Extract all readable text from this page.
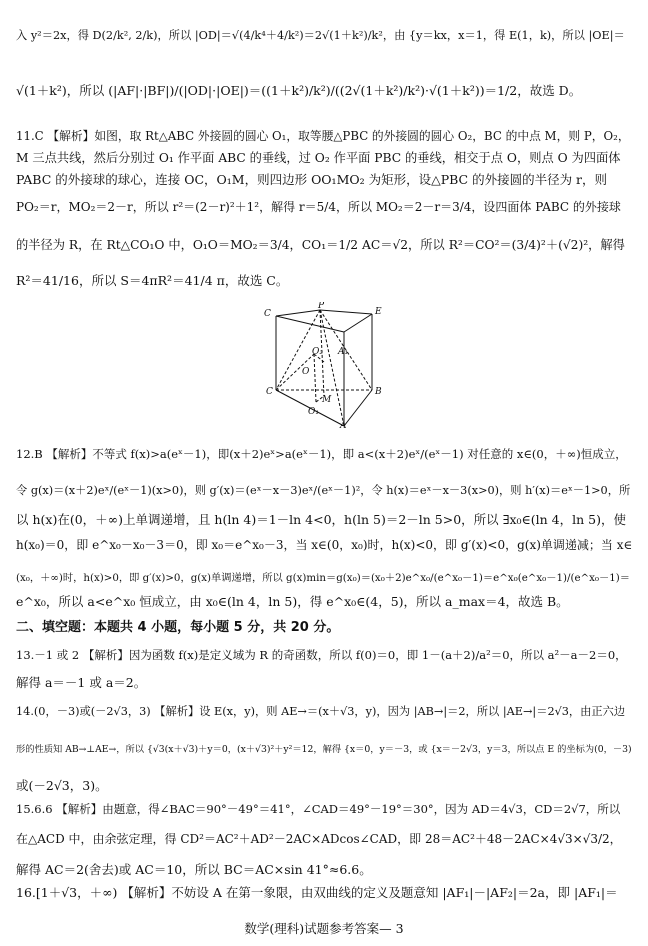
入 y²＝2x，得 D(2/k², 2/k)，所以 |OD|＝√(4/k⁴＋4/k²)＝2√(1＋k²)/k²，由 {y＝kx，x＝1，得 E(1，k)，所以 |OE|＝
√(1＋k²)，所以 (|AF|·|BF|)/(|OD|·|OE|)＝((1＋k²)/k²)/((2√(1＋k²)/k²)·√(1＋k²))＝1/2，故选 D。
11.C 【解析】如图，取 Rt△ABC 外接圆的圆心 O₁，取等腰△PBC 的外接圆的圆心 O₂，BC 的中点 M，则 P，O₂，
M 三点共线，然后分别过 O₁ 作平面 ABC 的垂线，过 O₂ 作平面 PBC 的垂线，相交于点 O，则点 O 为四面体
PABC 的外接球的球心，连接 OC，O₁M，则四边形 OO₁MO₂ 为矩形，设△PBC 的外接圆的半径为 r，则
PO₂＝r，MO₂＝2－r，所以 r²＝(2－r)²＋1²，解得 r＝5/4，所以 MO₂＝2－r＝3/4，设四面体 PABC 的外接球
的半径为 R，在 Rt△CO₁O 中，O₁O＝MO₂＝3/4，CO₁＝1/2 AC＝√2，所以 R²＝CO²＝(3/4)²＋(√2)²，解得
R²＝41/16，所以 S＝4πR²＝41/4 π，故选 C。
C
P
E
O₂ A₁
O
C	B
M
O₁
A
12.B 【解析】不等式 f(x)>a(eˣ－1)，即(x＋2)eˣ>a(eˣ－1)，即 a<(x＋2)eˣ/(eˣ－1) 对任意的 x∈(0，＋∞)恒成立，
令 g(x)＝(x＋2)eˣ/(eˣ－1)(x>0)，则 g′(x)＝(eˣ－x－3)eˣ/(eˣ－1)²，令 h(x)＝eˣ－x－3(x>0)，则 h′(x)＝eˣ－1>0，所
以 h(x)在(0，＋∞)上单调递增，且 h(ln 4)＝1－ln 4<0，h(ln 5)＝2－ln 5>0，所以 ∃x₀∈(ln 4，ln 5)，使
h(x₀)＝0，即 e^x₀－x₀－3＝0，即 x₀＝e^x₀－3，当 x∈(0，x₀)时，h(x)<0，即 g′(x)<0，g(x)单调递减；当 x∈
(x₀，＋∞)时，h(x)>0，即 g′(x)>0，g(x)单调递增，所以 g(x)min＝g(x₀)＝(x₀＋2)e^x₀/(e^x₀－1)＝e^x₀(e^x₀－1)/(e^x₀－1)＝
e^x₀，所以 a<e^x₀ 恒成立，由 x₀∈(ln 4，ln 5)，得 e^x₀∈(4，5)，所以 a_max＝4，故选 B。
二、填空题：本题共 4 小题，每小题 5 分，共 20 分。
13.－1 或 2 【解析】因为函数 f(x)是定义域为 R 的奇函数，所以 f(0)＝0，即 1－(a＋2)/a²＝0，所以 a²－a－2＝0，
解得 a＝－1 或 a＝2。
14.(0，－3)或(－2√3，3) 【解析】设 E(x，y)，则 AE→＝(x＋√3，y)，因为 |AB→|＝2，所以 |AE→|＝2√3，由正六边
形的性质知 AB→⊥AE→，所以 {√3(x＋√3)＋y＝0，(x＋√3)²＋y²＝12，解得 {x＝0，y＝－3，或 {x＝－2√3，y＝3，所以点 E 的坐标为(0，－3)
或(－2√3，3)。
15.6.6 【解析】由题意，得∠BAC＝90°－49°＝41°，∠CAD＝49°－19°＝30°，因为 AD＝4√3，CD＝2√7，所以
在△ACD 中，由余弦定理，得 CD²＝AC²＋AD²－2AC×ADcos∠CAD，即 28＝AC²＋48－2AC×4√3×√3/2，
解得 AC＝2(舍去)或 AC＝10，所以 BC＝AC×sin 41°≈6.6。
16.[1＋√3，＋∞) 【解析】不妨设 A 在第一象限，由双曲线的定义及题意知 |AF₁|－|AF₂|＝2a，即 |AF₁|＝
数学(理科)试题参考答案— 3
